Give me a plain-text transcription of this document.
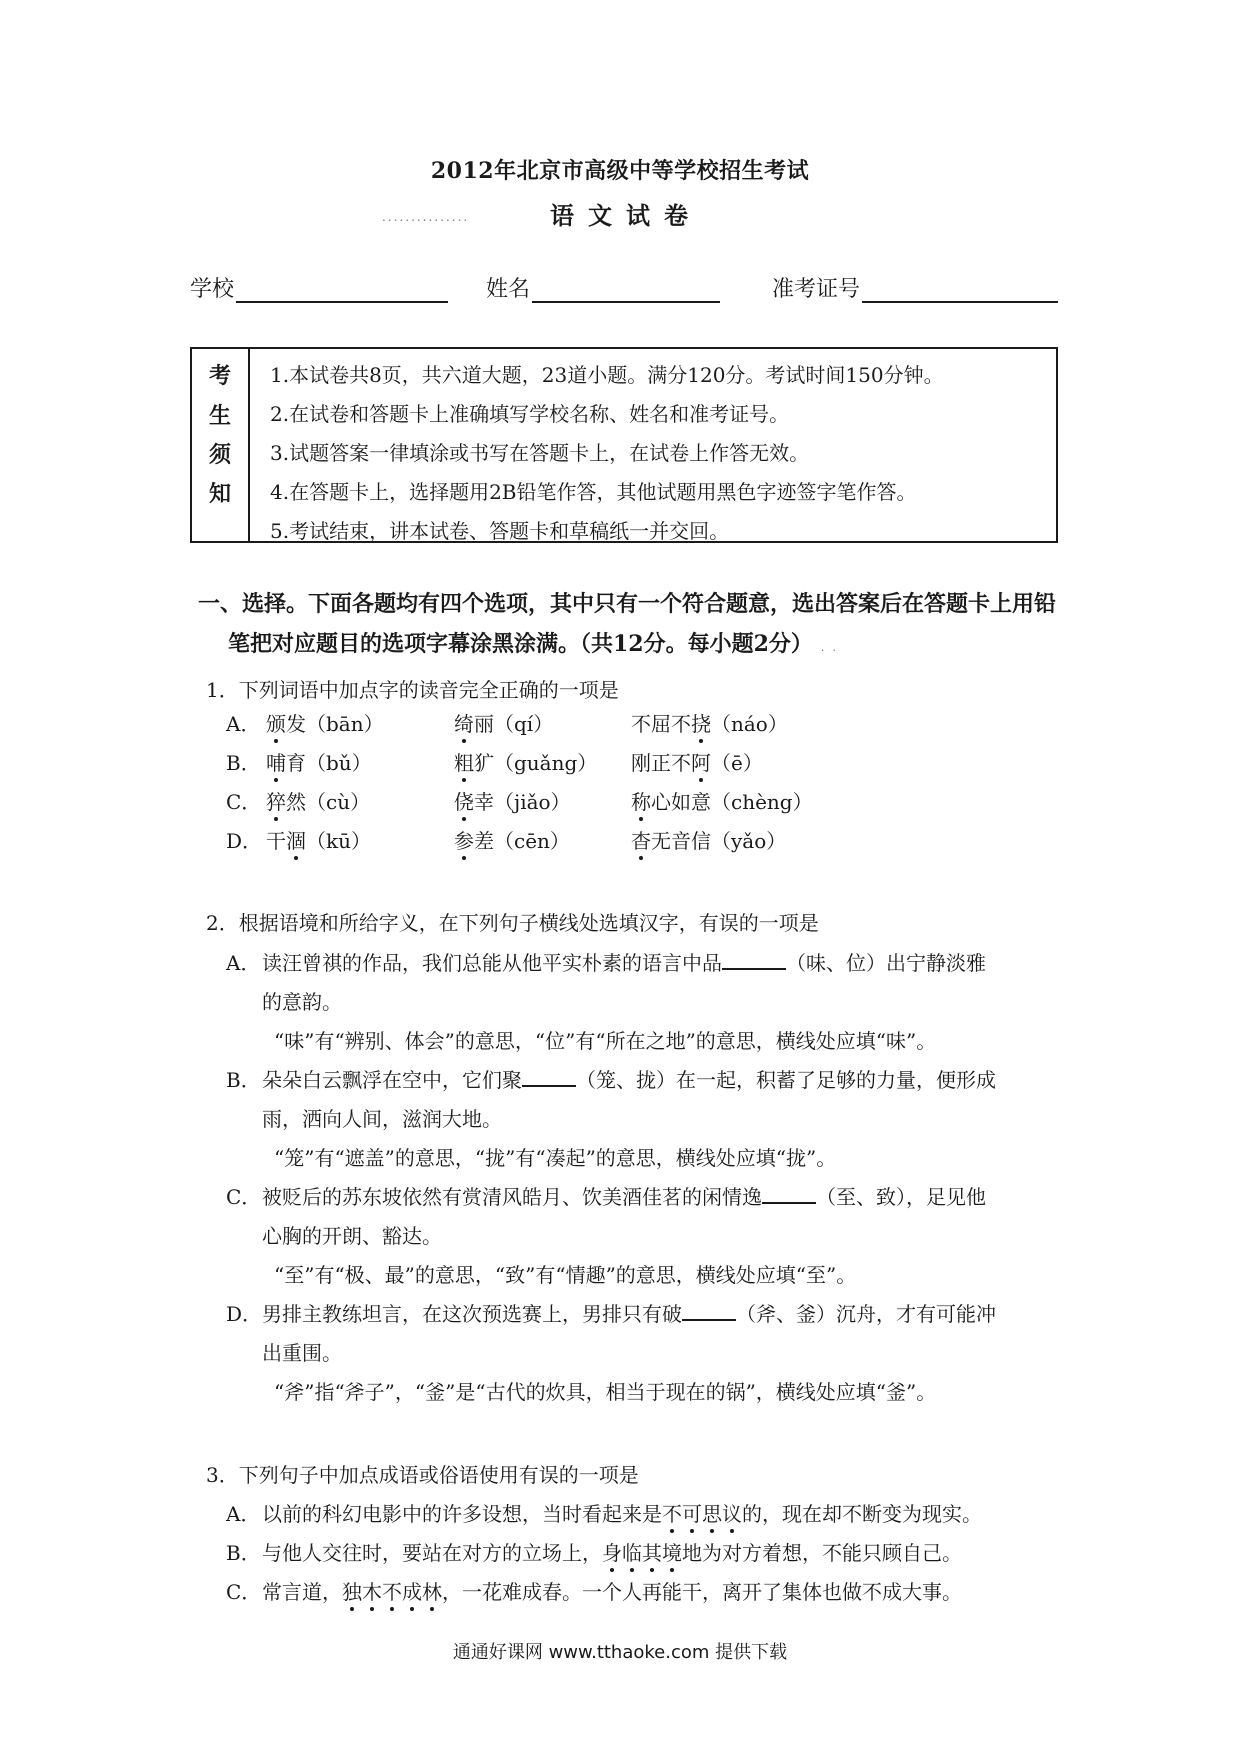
2012年北京市高级中等学校招生考试
...............	语文试卷
学校	姓名	准考证号
考
生
须
知
1.本试卷共8页，共六道大题，23道小题。满分120分。考试时间150分钟。
2.在试卷和答题卡上准确填写学校名称、姓名和准考证号。
3.试题答案一律填涂或书写在答题卡上，在试卷上作答无效。
4.在答题卡上，选择题用2B铅笔作答，其他试题用黑色字迹签字笔作答。
5.考试结束，讲本试卷、答题卡和草稿纸一并交回。
一、选择。下面各题均有四个选项，其中只有一个符合题意，选出答案后在答题卡上用铅
笔把对应题目的选项字幕涂黑涂满。（共12分。每小题2分） . .
1．下列词语中加点字的读音完全正确的一项是
A． 颁发（bān）	绮丽（qí）	不屈不挠（náo）
B． 哺育（bǔ）	粗犷（guǎng） 刚正不阿（ē）
C． 猝然（cù）	侥幸（jiǎo）	称心如意（chèng）
D． 干涸（kū）	参差（cēn）	杳无音信（yǎo）
2．根据语境和所给字义，在下列句子横线处选填汉字，有误的一项是
A． 读汪曾祺的作品，我们总能从他平实朴素的语言中品	（味、位）出宁静淡雅
的意韵。
“味”有“辨别、体会”的意思，“位”有“所在之地”的意思，横线处应填“味”。
B． 朵朵白云飘浮在空中，它们聚	（笼、拢）在一起，积蓄了足够的力量，便形成
雨，洒向人间，滋润大地。
“笼”有“遮盖”的意思，“拢”有“凑起”的意思，横线处应填“拢”。
C． 被贬后的苏东坡依然有赏清风皓月、饮美酒佳茗的闲情逸	（至、致），足见他
心胸的开朗、豁达。
“至”有“极、最”的意思，“致”有“情趣”的意思，横线处应填“至”。
D． 男排主教练坦言，在这次预选赛上，男排只有破	（斧、釜）沉舟，才有可能冲
出重围。
“斧”指“斧子”，“釜”是“古代的炊具，相当于现在的锅”，横线处应填“釜”。
3．下列句子中加点成语或俗语使用有误的一项是
A． 以前的科幻电影中的许多设想，当时看起来是不可思议的，现在却不断变为现实。
B． 与他人交往时，要站在对方的立场上，身临其境地为对方着想，不能只顾自己。
C． 常言道，独木不成林，一花难成春。一个人再能干，离开了集体也做不成大事。
通通好课网 www.tthaoke.com 提供下载
